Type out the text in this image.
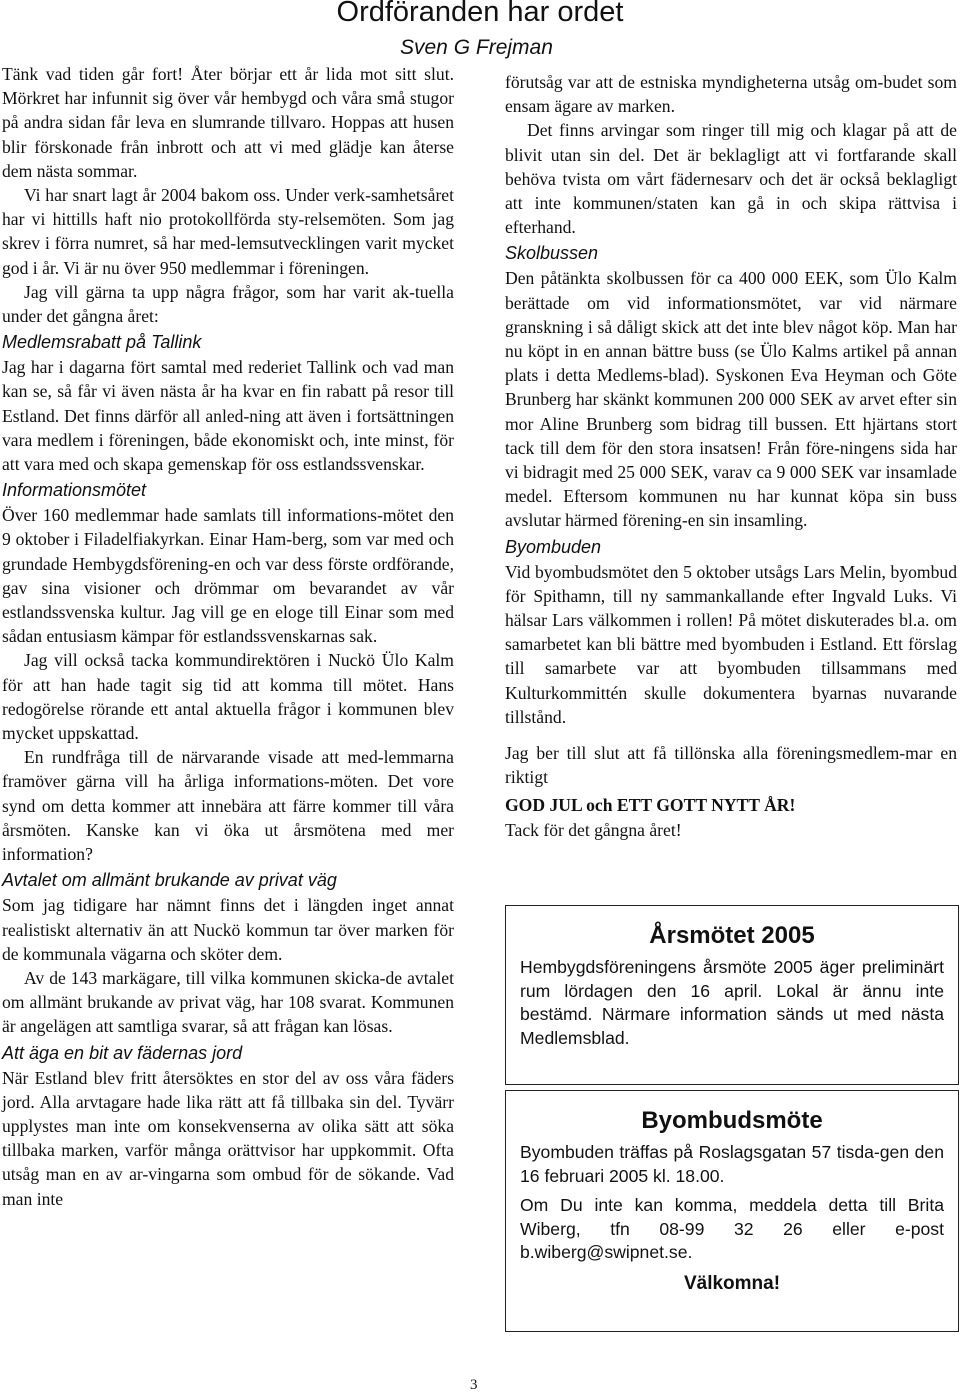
Ordföranden har ordet
Sven G Frejman

Tänk vad tiden går fort! Åter börjar ett år lida mot sitt slut. Mörkret har infunnit sig över vår hembygd och våra små stugor på andra sidan får leva en slumrande tillvaro. Hoppas att husen blir förskonade från inbrott och att vi med glädje kan återse dem nästa sommar.

Vi har snart lagt år 2004 bakom oss. Under verk-samhetsåret har vi hittills haft nio protokollförda sty-relsemöten. Som jag skrev i förra numret, så har med-lemsutvecklingen varit mycket god i år. Vi är nu över 950 medlemmar i föreningen.

Jag vill gärna ta upp några frågor, som har varit ak-tuella under det gångna året:

Medlemsrabatt på Tallink

Jag har i dagarna fört samtal med rederiet Tallink och vad man kan se, så får vi även nästa år ha kvar en fin rabatt på resor till Estland. Det finns därför all anled-ning att även i fortsättningen vara medlem i föreningen, både ekonomiskt och, inte minst, för att vara med och skapa gemenskap för oss estlandssvenskar.

Informationsmötet

Över 160 medlemmar hade samlats till informations-mötet den 9 oktober i Filadelfiakyrkan. Einar Ham-berg, som var med och grundade Hembygdsförening-en och var dess förste ordförande, gav sina visioner och drömmar om bevarandet av vår estlandssvenska kultur. Jag vill ge en eloge till Einar som med sådan entusiasm kämpar för estlandssvenskarnas sak.

Jag vill också tacka kommundirektören i Nuckö Ülo Kalm för att han hade tagit sig tid att komma till mötet. Hans redogörelse rörande ett antal aktuella frågor i kommunen blev mycket uppskattad.

En rundfråga till de närvarande visade att med-lemmarna framöver gärna vill ha årliga informations-möten. Det vore synd om detta kommer att innebära att färre kommer till våra årsmöten. Kanske kan vi öka ut årsmötena med mer information?

Avtalet om allmänt brukande av privat väg

Som jag tidigare har nämnt finns det i längden inget annat realistiskt alternativ än att Nuckö kommun tar över marken för de kommunala vägarna och sköter dem.

Av de 143 markägare, till vilka kommunen skicka-de avtalet om allmänt brukande av privat väg, har 108 svarat. Kommunen är angelägen att samtliga svarar, så att frågan kan lösas.

Att äga en bit av fädernas jord

När Estland blev fritt återsöktes en stor del av oss våra fäders jord. Alla arvtagare hade lika rätt att få tillbaka sin del. Tyvärr upplystes man inte om konsekvenserna av olika sätt att söka tillbaka marken, varför många orättvisor har uppkommit. Ofta utsåg man en av ar-vingarna som ombud för de sökande. Vad man inte

förutsåg var att de estniska myndigheterna utsåg om-budet som ensam ägare av marken.

Det finns arvingar som ringer till mig och klagar på att de blivit utan sin del. Det är beklagligt att vi fortfarande skall behöva tvista om vårt fädernesarv och det är också beklagligt att inte kommunen/staten kan gå in och skipa rättvisa i efterhand.

Skolbussen

Den påtänkta skolbussen för ca 400 000 EEK, som Ülo Kalm berättade om vid informationsmötet, var vid närmare granskning i så dåligt skick att det inte blev något köp. Man har nu köpt in en annan bättre buss (se Ülo Kalms artikel på annan plats i detta Medlems-blad). Syskonen Eva Heyman och Göte Brunberg har skänkt kommunen 200 000 SEK av arvet efter sin mor Aline Brunberg som bidrag till bussen. Ett hjärtans stort tack till dem för den stora insatsen! Från före-ningens sida har vi bidragit med 25 000 SEK, varav ca 9 000 SEK var insamlade medel. Eftersom kommunen nu har kunnat köpa sin buss avslutar härmed förening-en sin insamling.

Byombuden

Vid byombudsmötet den 5 oktober utsågs Lars Melin, byombud för Spithamn, till ny sammankallande efter Ingvald Luks. Vi hälsar Lars välkommen i rollen! På mötet diskuterades bl.a. om samarbetet kan bli bättre med byombuden i Estland. Ett förslag till samarbete var att byombuden tillsammans med Kulturkommittén skulle dokumentera byarnas nuvarande tillstånd.

Jag ber till slut att få tillönska alla föreningsmedlem-mar en riktigt

GOD JUL och ETT GOTT NYTT ÅR!

Tack för det gångna året!

Årsmötet 2005

Hembygdsföreningens årsmöte 2005 äger preliminärt rum lördagen den 16 april. Lokal är ännu inte bestämd. Närmare information sänds ut med nästa Medlemsblad.

Byombudsmöte

Byombuden träffas på Roslagsgatan 57 tisda-gen den 16 februari 2005 kl. 18.00.

Om Du inte kan komma, meddela detta till Brita Wiberg, tfn 08-99 32 26 eller e-post b.wiberg@swipnet.se.

Välkomna!
3
